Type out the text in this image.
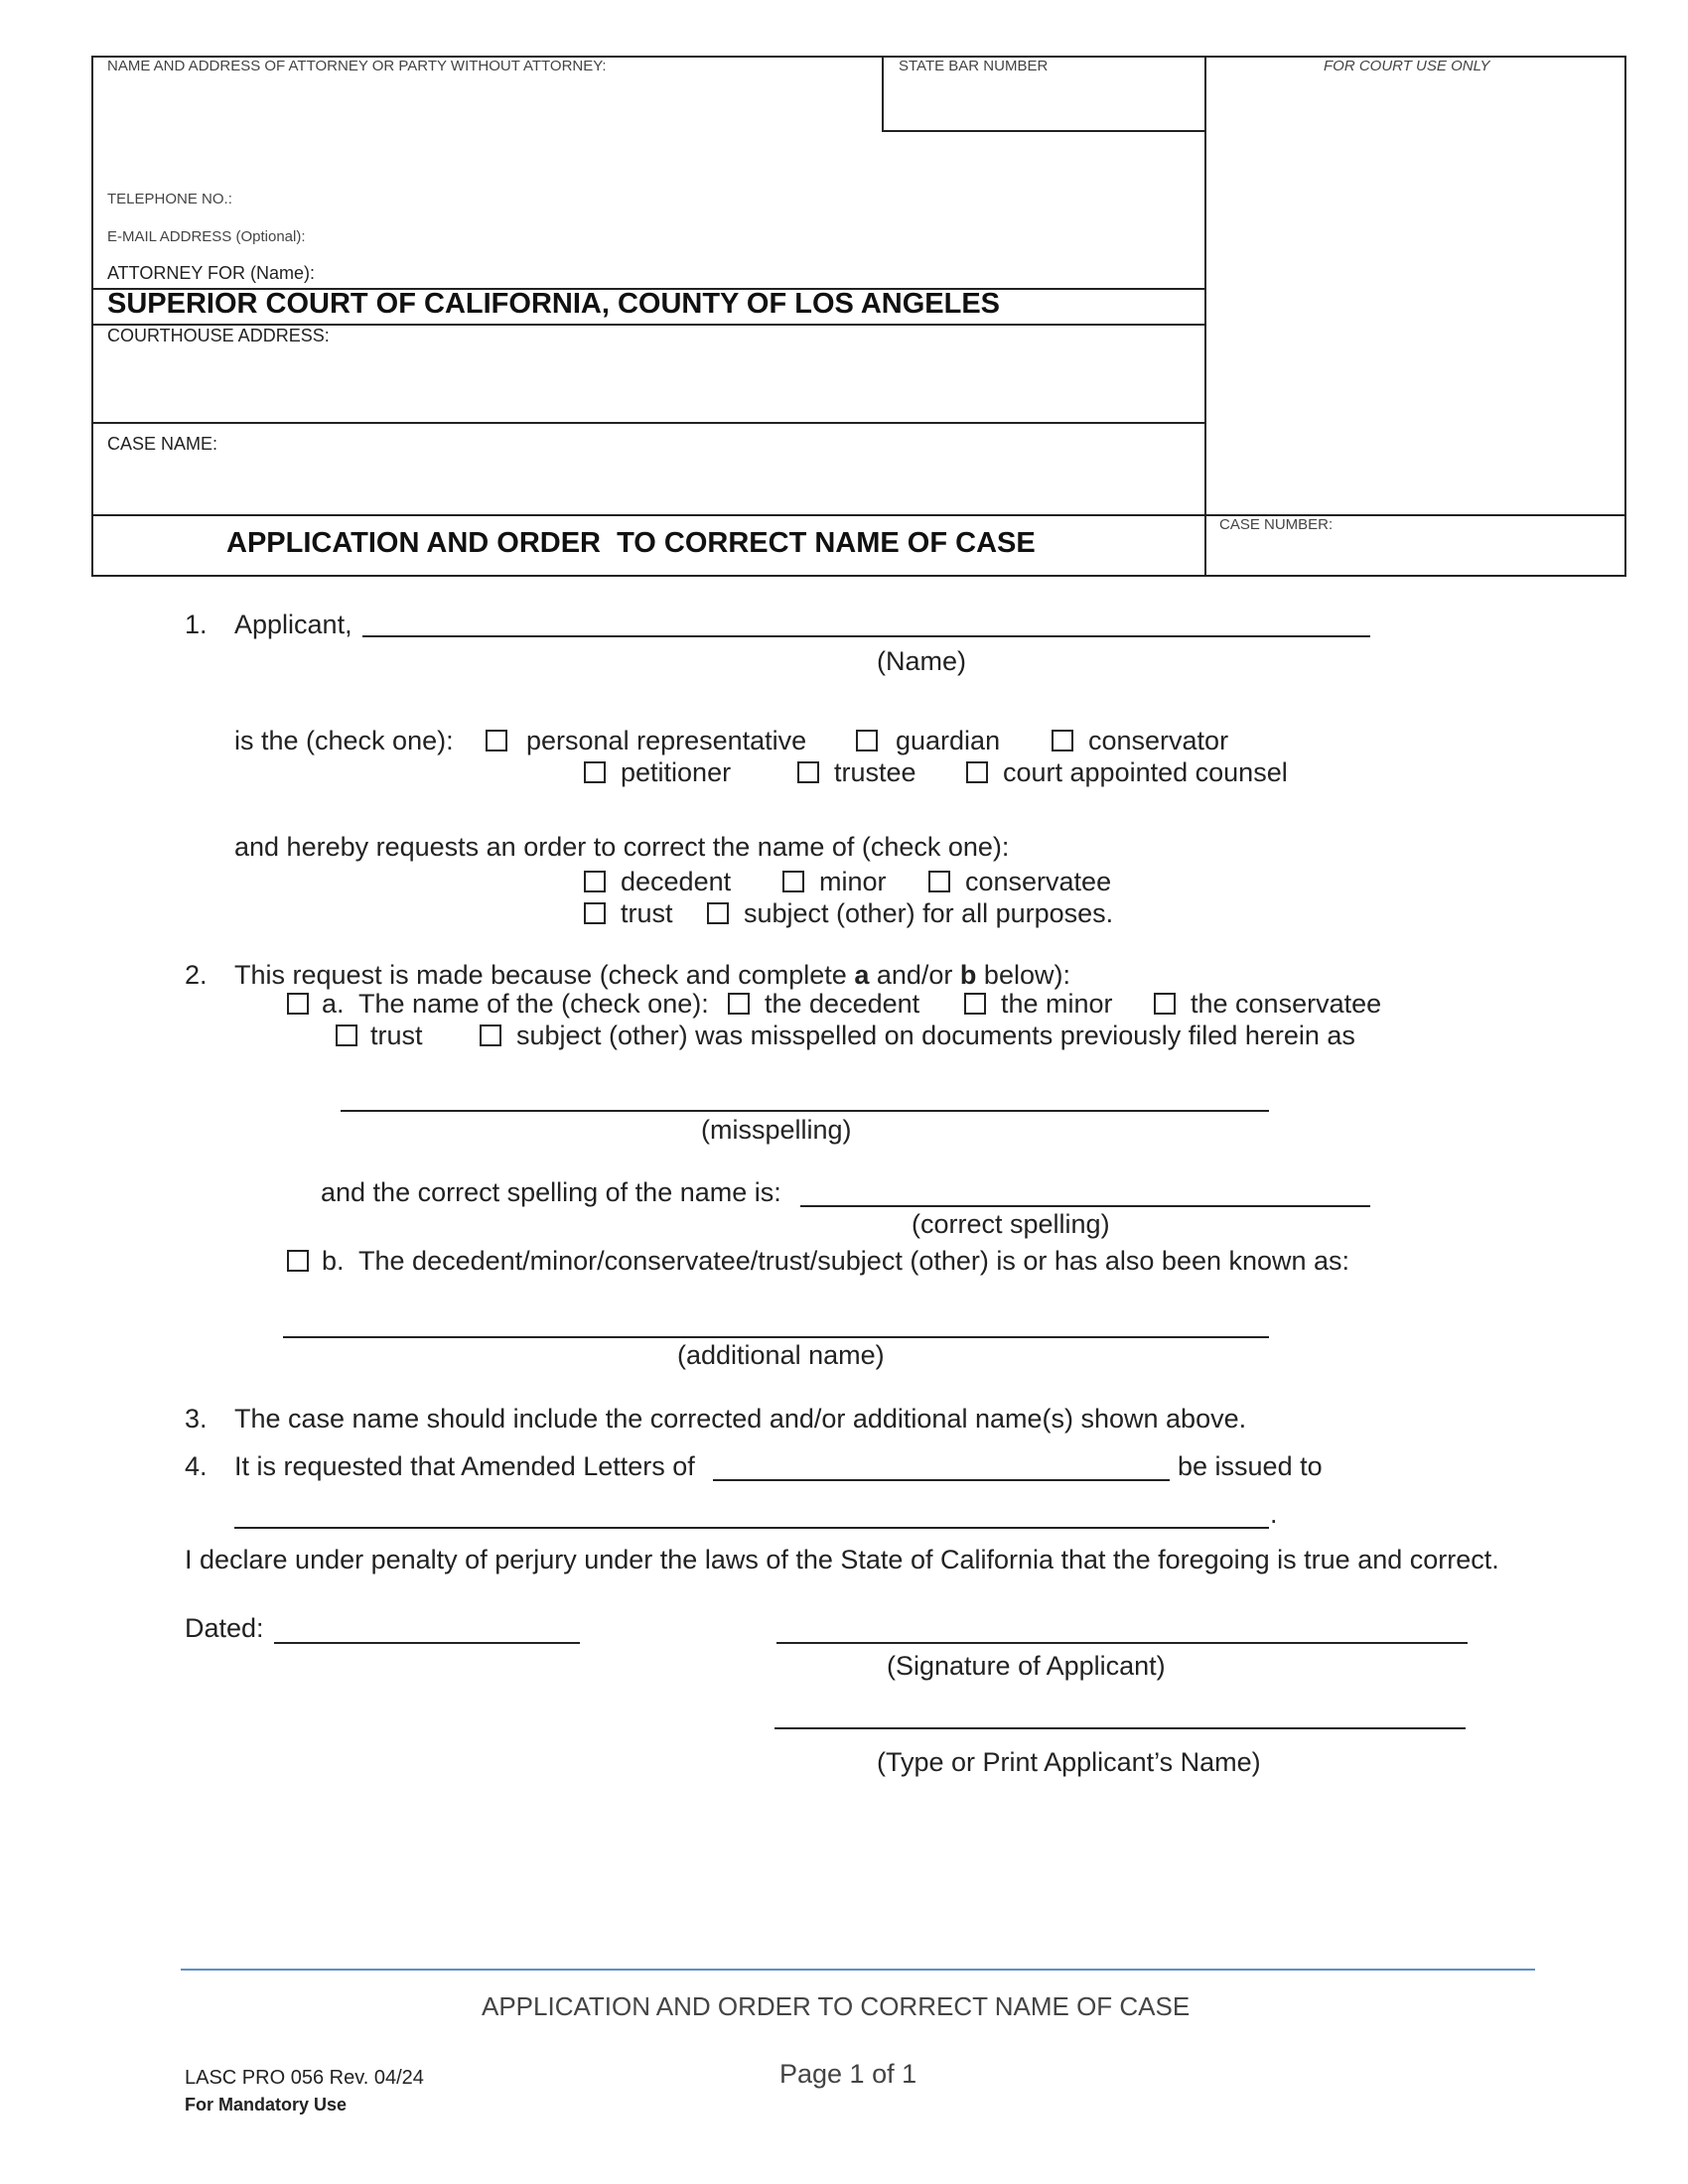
NAME AND ADDRESS OF ATTORNEY OR PARTY WITHOUT ATTORNEY:	STATE BAR NUMBER	FOR COURT USE ONLY
TELEPHONE NO.:
E-MAIL ADDRESS (Optional):
ATTORNEY FOR (Name):
SUPERIOR COURT OF CALIFORNIA, COUNTY OF LOS ANGELES
COURTHOUSE ADDRESS:
CASE NAME:
APPLICATION AND ORDER  TO CORRECT NAME OF CASE
CASE NUMBER:
1. Applicant,
(Name)
is the (check one):	personal representative	guardian	conservator
petitioner	trustee	court appointed counsel
and hereby requests an order to correct the name of (check one):
decedent	minor	conservatee
trust	subject (other) for all purposes.
2. This request is made because (check and complete a and/or b below):
a.  The name of the (check one): the decedent	the minor	the conservatee
trust	subject (other) was misspelled on documents previously filed herein as
(misspelling)
and the correct spelling of the name is:
(correct spelling)
b.  The decedent/minor/conservatee/trust/subject (other) is or has also been known as:
(additional name)
3. The case name should include the corrected and/or additional name(s) shown above.
4. It is requested that Amended Letters of	be issued to
.
I declare under penalty of perjury under the laws of the State of California that the foregoing is true and correct.
Dated:
(Signature of Applicant)
(Type or Print Applicant’s Name)
APPLICATION AND ORDER TO CORRECT NAME OF CASE
LASC PRO 056 Rev. 04/24
For Mandatory Use
Page 1 of 1
